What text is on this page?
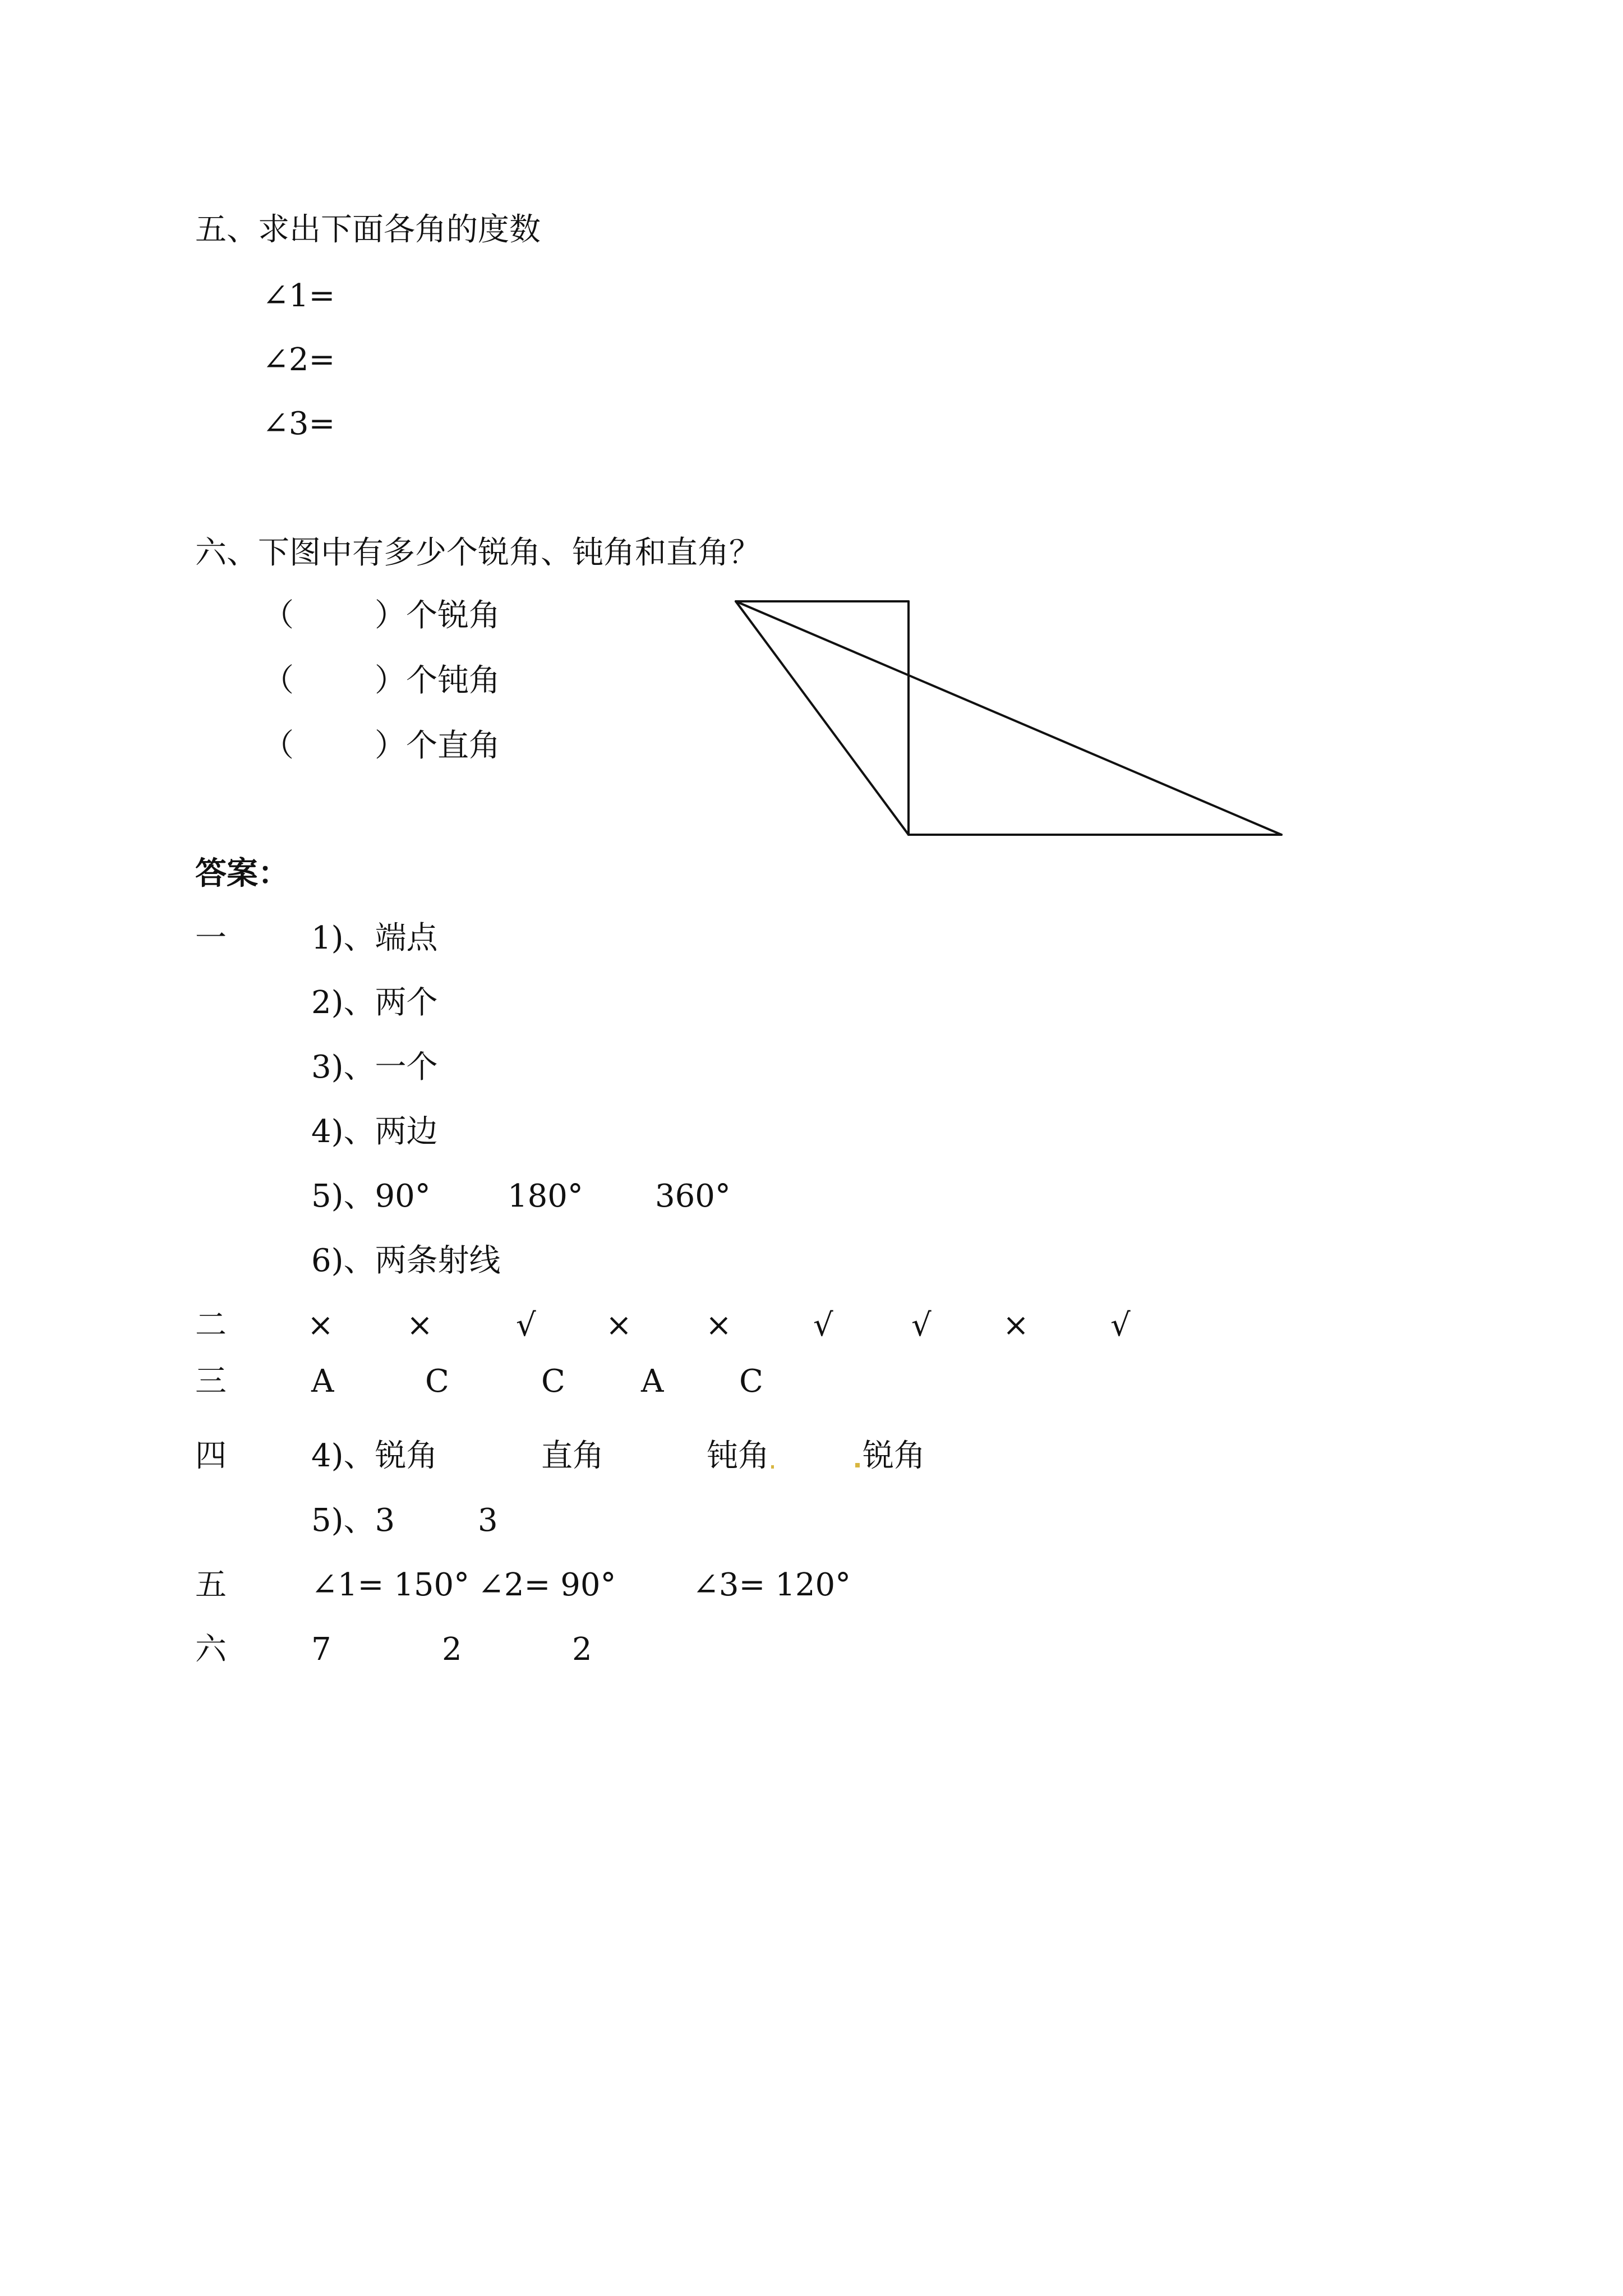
五、求出下面各角的度数
∠1=
∠2=
∠3=
六、下图中有多少个锐角、钝角和直角？
（	）个锐角
（	）个钝角
（	）个直角
答案：
一	1)、端点
2)、两个
3)、一个
4)、两边
5)、90° 180° 360°
6)、两条射线
二	× ×	√ × ×	√ √ ×	√
三	A	C	C A C
四	4)、锐角	直角	钝角	锐角
5)、3	3
五	∠1= 150° ∠2= 90° ∠3= 120°
六	7	2	2
